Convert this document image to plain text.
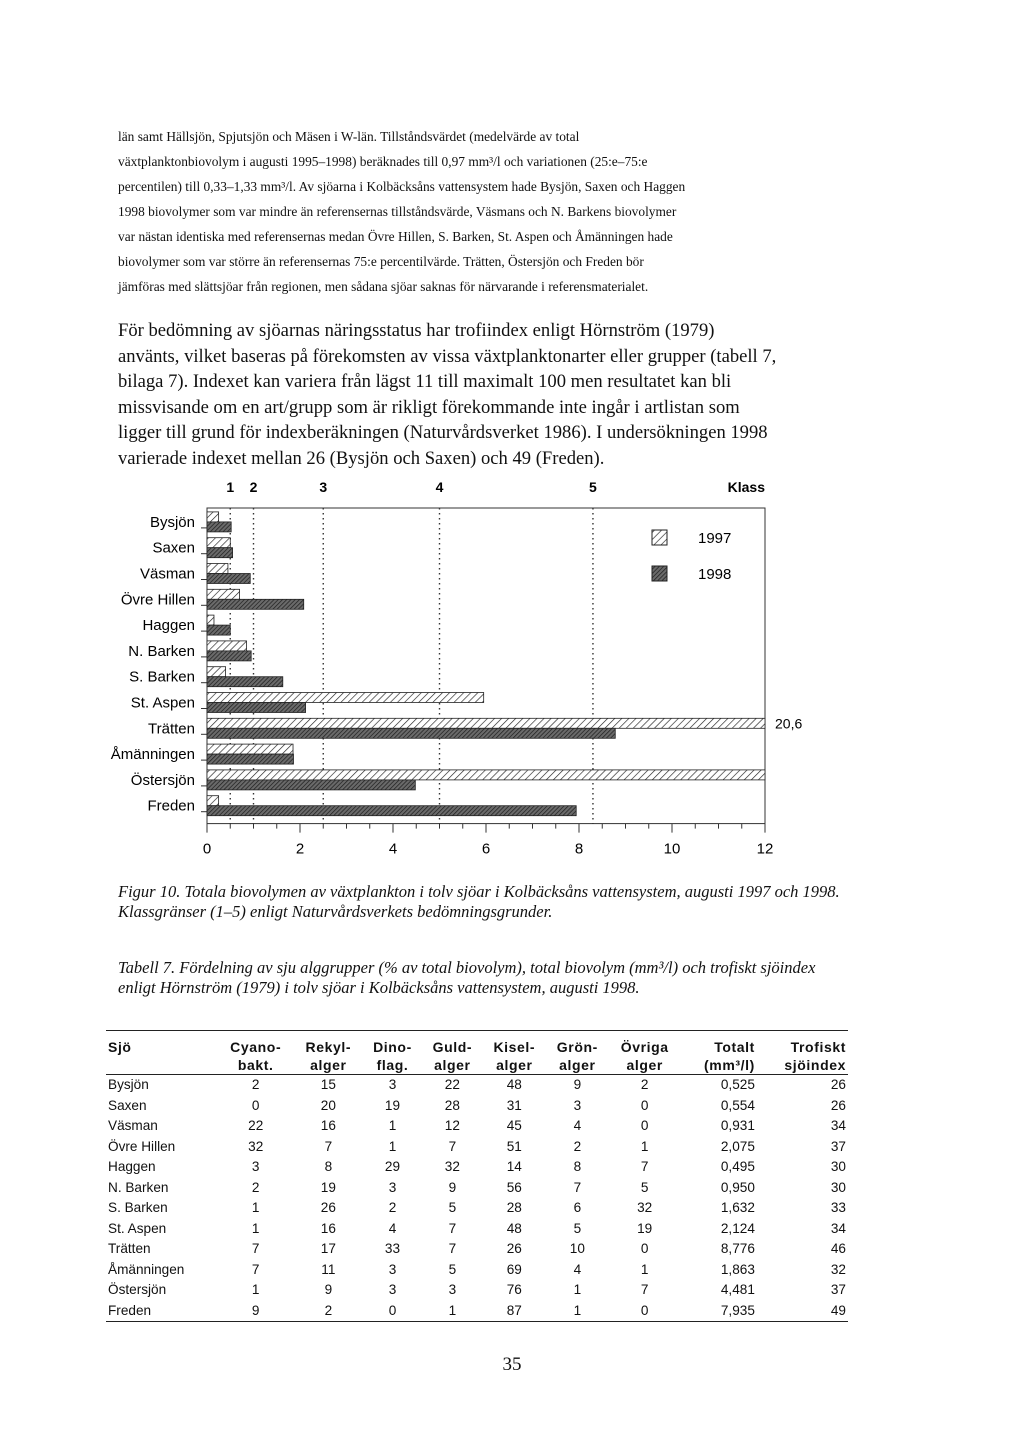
län samt Hällsjön, Spjutsjön och Mäsen i W-län. Tillståndsvärdet (medelvärde av total

växtplanktonbiovolym i augusti 1995–1998) beräknades till 0,97 mm³/l och variationen (25:e–75:e

percentilen) till 0,33–1,33 mm³/l. Av sjöarna i Kolbäcksåns vattensystem hade Bysjön, Saxen och Haggen

1998 biovolymer som var mindre än referensernas tillståndsvärde, Väsmans och N. Barkens biovolymer

var nästan identiska med referensernas medan Övre Hillen, S. Barken, St. Aspen och Åmänningen hade

biovolymer som var större än referensernas 75:e percentilvärde. Trätten, Östersjön och Freden bör

jämföras med slättsjöar från regionen, men sådana sjöar saknas för närvarande i referensmaterialet.

För bedömning av sjöarnas näringsstatus har trofiindex enligt Hörnström (1979)

använts, vilket baseras på förekomsten av vissa växtplanktonarter eller grupper (tabell 7,

bilaga 7). Indexet kan variera från lägst 11 till maximalt 100 men resultatet kan bli

missvisande om en art/grupp som är rikligt förekommande inte ingår i artlistan som

ligger till grund för indexberäkningen (Naturvårdsverket 1986). I undersökningen 1998

varierade indexet mellan 26 (Bysjön och Saxen) och 49 (Freden).

1 2	3	4	5	Klass
Bysjön
Saxen
Väsman
Övre Hillen
Haggen
N. Barken
S. Barken
St. Aspen
Trätten
Åmänningen
Östersjön
Freden
20,6
0	2	4	6	8	10	12
1997
1998
Figur 10. Totala biovolymen av växtplankton i tolv sjöar i Kolbäcksåns vattensystem, augusti 1997 och 1998. Klassgränser (1–5) enligt Naturvårdsverkets bedömningsgrunder.
Tabell 7. Fördelning av sju alggrupper (% av total biovolym), total biovolym (mm³/l) och trofiskt sjöindex enligt Hörnström (1979) i tolv sjöar i Kolbäcksåns vattensystem, augusti 1998.
Sjö	Cyano-	Rekyl-	Dino-	Guld-	Kisel-	Grön-	Övriga	Totalt	Trofiskt
	bakt.	alger	flag.	alger	alger	alger	alger	(mm³/l)	sjöindex
Bysjön	2	15	3	22	48	9	2	0,525	26
Saxen	0	20	19	28	31	3	0	0,554	26
Väsman	22	16	1	12	45	4	0	0,931	34
Övre Hillen	32	7	1	7	51	2	1	2,075	37
Haggen	3	8	29	32	14	8	7	0,495	30
N. Barken	2	19	3	9	56	7	5	0,950	30
S. Barken	1	26	2	5	28	6	32	1,632	33
St. Aspen	1	16	4	7	48	5	19	2,124	34
Trätten	7	17	33	7	26	10	0	8,776	46
Åmänningen	7	11	3	5	69	4	1	1,863	32
Östersjön	1	9	3	3	76	1	7	4,481	37
Freden	9	2	0	1	87	1	0	7,935	49
35
